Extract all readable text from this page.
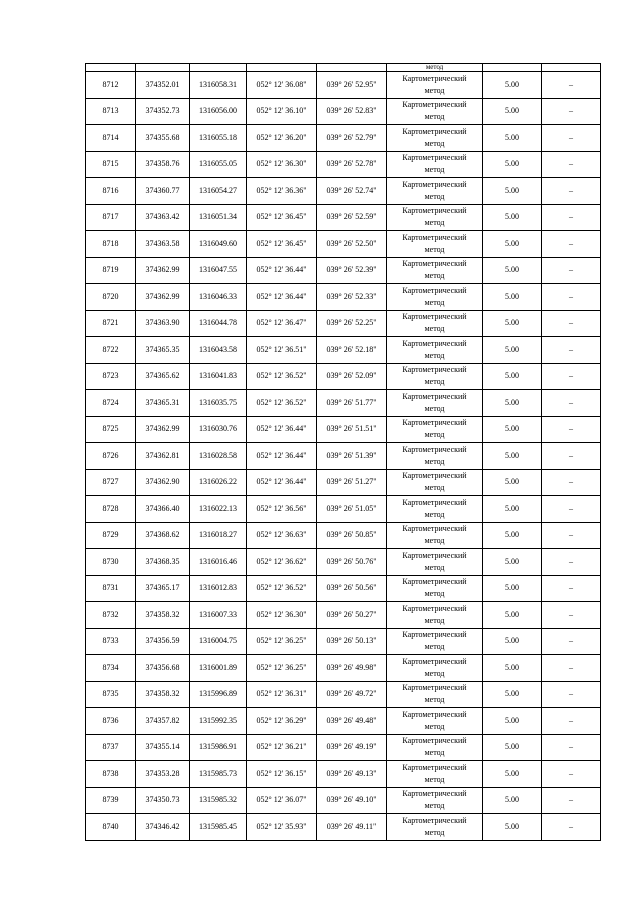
					метод		
8712	374352.01	1316058.31	052° 12' 36.08"	039° 26' 52.95"	Картометрический
метод	5.00	–
8713	374352.73	1316056.00	052° 12' 36.10"	039° 26' 52.83"	Картометрический
метод	5.00	–
8714	374355.68	1316055.18	052° 12' 36.20"	039° 26' 52.79"	Картометрический
метод	5.00	–
8715	374358.76	1316055.05	052° 12' 36.30"	039° 26' 52.78"	Картометрический
метод	5.00	–
8716	374360.77	1316054.27	052° 12' 36.36"	039° 26' 52.74"	Картометрический
метод	5.00	–
8717	374363.42	1316051.34	052° 12' 36.45"	039° 26' 52.59"	Картометрический
метод	5.00	–
8718	374363.58	1316049.60	052° 12' 36.45"	039° 26' 52.50"	Картометрический
метод	5.00	–
8719	374362.99	1316047.55	052° 12' 36.44"	039° 26' 52.39"	Картометрический
метод	5.00	–
8720	374362.99	1316046.33	052° 12' 36.44"	039° 26' 52.33"	Картометрический
метод	5.00	–
8721	374363.90	1316044.78	052° 12' 36.47"	039° 26' 52.25"	Картометрический
метод	5.00	–
8722	374365.35	1316043.58	052° 12' 36.51"	039° 26' 52.18"	Картометрический
метод	5.00	–
8723	374365.62	1316041.83	052° 12' 36.52"	039° 26' 52.09"	Картометрический
метод	5.00	–
8724	374365.31	1316035.75	052° 12' 36.52"	039° 26' 51.77"	Картометрический
метод	5.00	–
8725	374362.99	1316030.76	052° 12' 36.44"	039° 26' 51.51"	Картометрический
метод	5.00	–
8726	374362.81	1316028.58	052° 12' 36.44"	039° 26' 51.39"	Картометрический
метод	5.00	–
8727	374362.90	1316026.22	052° 12' 36.44"	039° 26' 51.27"	Картометрический
метод	5.00	–
8728	374366.40	1316022.13	052° 12' 36.56"	039° 26' 51.05"	Картометрический
метод	5.00	–
8729	374368.62	1316018.27	052° 12' 36.63"	039° 26' 50.85"	Картометрический
метод	5.00	–
8730	374368.35	1316016.46	052° 12' 36.62"	039° 26' 50.76"	Картометрический
метод	5.00	–
8731	374365.17	1316012.83	052° 12' 36.52"	039° 26' 50.56"	Картометрический
метод	5.00	–
8732	374358.32	1316007.33	052° 12' 36.30"	039° 26' 50.27"	Картометрический
метод	5.00	–
8733	374356.59	1316004.75	052° 12' 36.25"	039° 26' 50.13"	Картометрический
метод	5.00	–
8734	374356.68	1316001.89	052° 12' 36.25"	039° 26' 49.98"	Картометрический
метод	5.00	–
8735	374358.32	1315996.89	052° 12' 36.31"	039° 26' 49.72"	Картометрический
метод	5.00	–
8736	374357.82	1315992.35	052° 12' 36.29"	039° 26' 49.48"	Картометрический
метод	5.00	–
8737	374355.14	1315986.91	052° 12' 36.21"	039° 26' 49.19"	Картометрический
метод	5.00	–
8738	374353.28	1315985.73	052° 12' 36.15"	039° 26' 49.13"	Картометрический
метод	5.00	–
8739	374350.73	1315985.32	052° 12' 36.07"	039° 26' 49.10"	Картометрический
метод	5.00	–
8740	374346.42	1315985.45	052° 12' 35.93"	039° 26' 49.11"	Картометрический
метод	5.00	–
